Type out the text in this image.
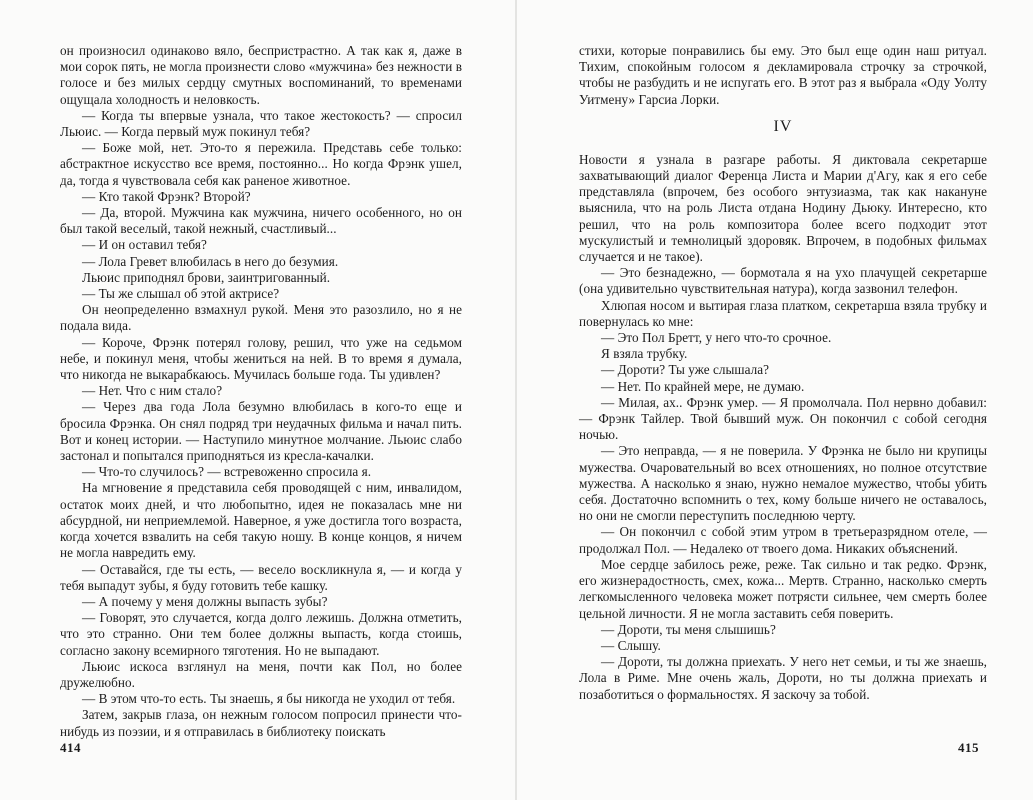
он произносил одинаково вяло, беспристрастно. А так как я, даже в мои сорок пять, не могла произнести слово «мужчина» без нежности в голосе и без милых сердцу смутных воспоминаний, то временами ощущала холодность и неловкость.

— Когда ты впервые узнала, что такое жестокость? — спросил Льюис. — Когда первый муж покинул тебя?

— Боже мой, нет. Это-то я пережила. Представь себе только: абстрактное искусство все время, постоянно... Но когда Фрэнк ушел, да, тогда я чувствовала себя как раненое животное.

— Кто такой Фрэнк? Второй?

— Да, второй. Мужчина как мужчина, ничего особенного, но он был такой веселый, такой нежный, счастливый...

— И он оставил тебя?

— Лола Гревет влюбилась в него до безумия.

Льюис приподнял брови, заинтригованный.

— Ты же слышал об этой актрисе?

Он неопределенно взмахнул рукой. Меня это разозлило, но я не подала вида.

— Короче, Фрэнк потерял голову, решил, что уже на седьмом небе, и покинул меня, чтобы жениться на ней. В то время я думала, что никогда не выкарабкаюсь. Мучилась больше года. Ты удивлен?

— Нет. Что с ним стало?

— Через два года Лола безумно влюбилась в кого-то еще и бросила Фрэнка. Он снял подряд три неудачных фильма и начал пить. Вот и конец истории. — Наступило минутное молчание. Льюис слабо застонал и попытался приподняться из кресла-качалки.

— Что-то случилось? — встревоженно спросила я.

На мгновение я представила себя проводящей с ним, инвалидом, остаток моих дней, и что любопытно, идея не показалась мне ни абсурдной, ни неприемлемой. Наверное, я уже достигла того возраста, когда хочется взвалить на себя такую ношу. В конце концов, я ничем не могла навредить ему.

— Оставайся, где ты есть, — весело воскликнула я, — и когда у тебя выпадут зубы, я буду готовить тебе кашку.

— А почему у меня должны выпасть зубы?

— Говорят, это случается, когда долго лежишь. Должна отметить, что это странно. Они тем более должны выпасть, когда стоишь, согласно закону всемирного тяготения. Но не выпадают.

Льюис искоса взглянул на меня, почти как Пол, но более дружелюбно.

— В этом что-то есть. Ты знаешь, я бы никогда не уходил от тебя.

Затем, закрыв глаза, он нежным голосом попросил принести что-нибудь из поэзии, и я отправилась в библиотеку поискать

414

стихи, которые понравились бы ему. Это был еще один наш ритуал. Тихим, спокойным голосом я декламировала строчку за строчкой, чтобы не разбудить и не испугать его. В этот раз я выбрала «Оду Уолту Уитмену» Гарсиа Лорки.

IV

Новости я узнала в разгаре работы. Я диктовала секретарше захватывающий диалог Ференца Листа и Марии д'Агу, как я его себе представляла (впрочем, без особого энтузиазма, так как накануне выяснила, что на роль Листа отдана Нодину Дьюку. Интересно, кто решил, что на роль композитора более всего подходит этот мускулистый и темнолицый здоровяк. Впрочем, в подобных фильмах случается и не такое).

— Это безнадежно, — бормотала я на ухо плачущей секретарше (она удивительно чувствительная натура), когда зазвонил телефон.

Хлюпая носом и вытирая глаза платком, секретарша взяла трубку и повернулась ко мне:

— Это Пол Бретт, у него что-то срочное.

Я взяла трубку.

— Дороти? Ты уже слышала?

— Нет. По крайней мере, не думаю.

— Милая, ах.. Фрэнк умер. — Я промолчала. Пол нервно добавил: — Фрэнк Тайлер. Твой бывший муж. Он покончил с собой сегодня ночью.

— Это неправда, — я не поверила. У Фрэнка не было ни крупицы мужества. Очаровательный во всех отношениях, но полное отсутствие мужества. А насколько я знаю, нужно немалое мужество, чтобы убить себя. Достаточно вспомнить о тех, кому больше ничего не оставалось, но они не смогли переступить последнюю черту.

— Он покончил с собой этим утром в третьеразрядном отеле, — продолжал Пол. — Недалеко от твоего дома. Никаких объяснений.

Мое сердце забилось реже, реже. Так сильно и так редко. Фрэнк, его жизнерадостность, смех, кожа... Мертв. Странно, насколько смерть легкомысленного человека может потрясти сильнее, чем смерть более цельной личности. Я не могла заставить себя поверить.

— Дороти, ты меня слышишь?

— Слышу.

— Дороти, ты должна приехать. У него нет семьи, и ты же знаешь, Лола в Риме. Мне очень жаль, Дороти, но ты должна приехать и позаботиться о формальностях. Я заскочу за тобой.

415
